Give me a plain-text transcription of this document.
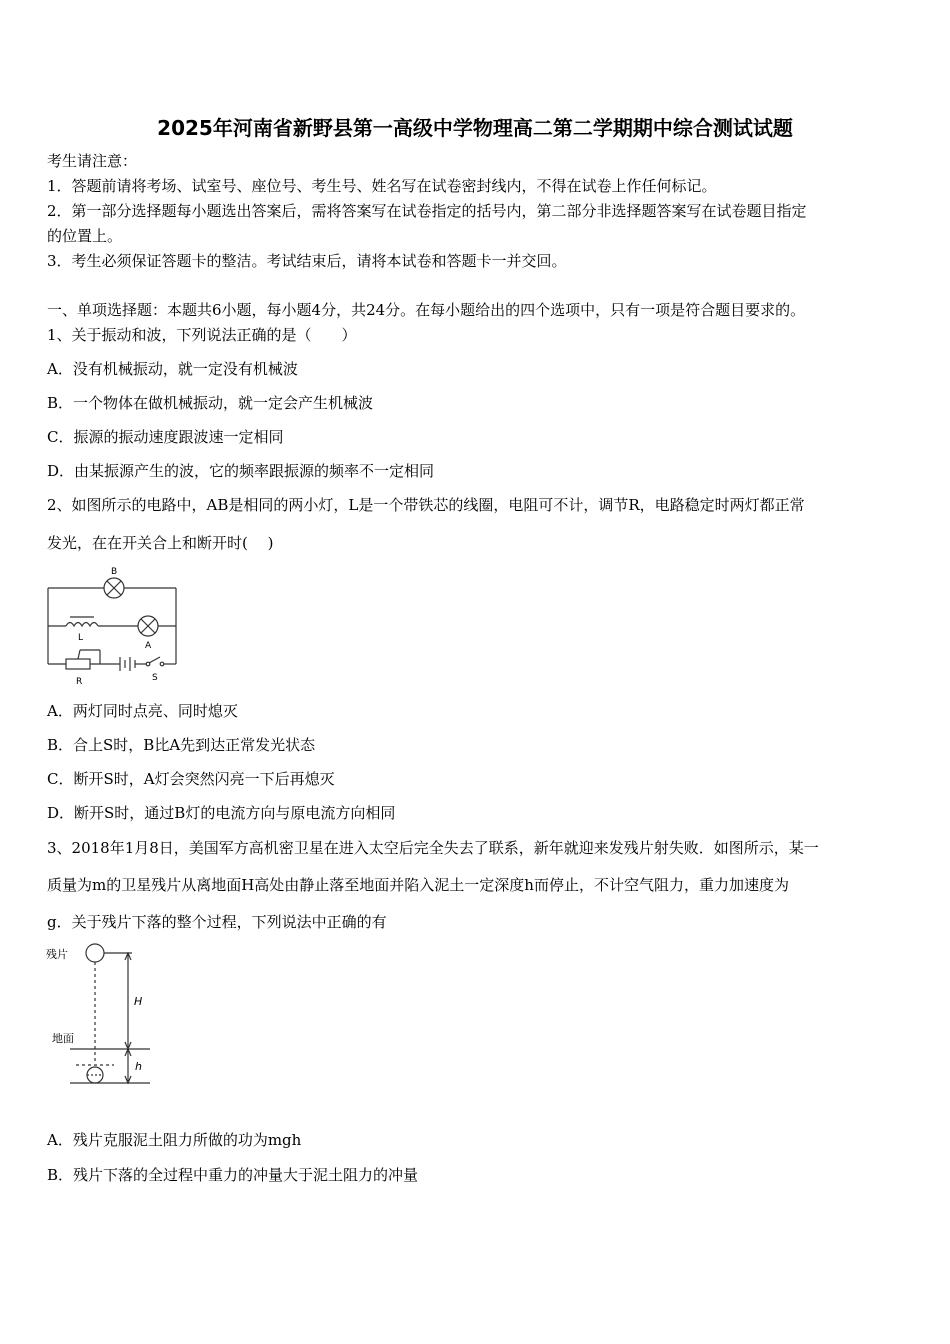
2025年河南省新野县第一高级中学物理高二第二学期期中综合测试试题
考生请注意：
1．答题前请将考场、试室号、座位号、考生号、姓名写在试卷密封线内，不得在试卷上作任何标记。
2．第一部分选择题每小题选出答案后，需将答案写在试卷指定的括号内，第二部分非选择题答案写在试卷题目指定
的位置上。
3．考生必须保证答题卡的整洁。考试结束后，请将本试卷和答题卡一并交回。
一、单项选择题：本题共6小题，每小题4分，共24分。在每小题给出的四个选项中，只有一项是符合题目要求的。
1、关于振动和波，下列说法正确的是（　　）
A．没有机械振动，就一定没有机械波
B．一个物体在做机械振动，就一定会产生机械波
C．振源的振动速度跟波速一定相同
D．由某振源产生的波，它的频率跟振源的频率不一定相同
2、如图所示的电路中，AB是相同的两小灯，L是一个带铁芯的线圈，电阻可不计，调节R，电路稳定时两灯都正常
发光，在在开关合上和断开时(　 )
B
A
L
R	S
A．两灯同时点亮、同时熄灭
B．合上S时，B比A先到达正常发光状态
C．断开S时，A灯会突然闪亮一下后再熄灭
D．断开S时，通过B灯的电流方向与原电流方向相同
3、2018年1月8日，美国军方高机密卫星在进入太空后完全失去了联系，新年就迎来发残片射失败．如图所示，某一
质量为m的卫星残片从离地面H高处由静止落至地面并陷入泥土一定深度h而停止，不计空气阻力，重力加速度为
g．关于残片下落的整个过程，下列说法中正确的有
残片
地面
H
h
A．残片克服泥土阻力所做的功为mgh
B．残片下落的全过程中重力的冲量大于泥土阻力的冲量
